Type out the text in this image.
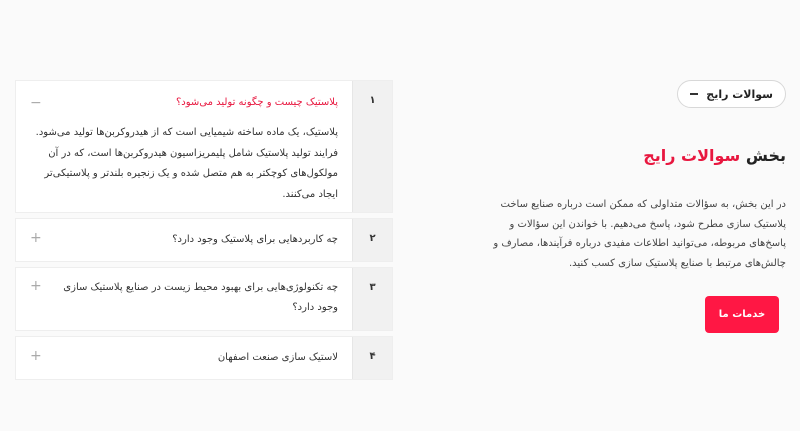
سوالات رایج
بخش سوالات رایج

در این بخش، به سؤالات متداولی که ممکن است درباره صنایع ساخت پلاستیک سازی مطرح شود، پاسخ می‌دهیم. با خواندن این سؤالات و پاسخ‌های مربوطه، می‌توانید اطلاعات مفیدی درباره فرآیندها، مصارف و چالش‌های مرتبط با صنایع پلاستیک سازی کسب کنید.

خدمات ما
۱
پلاستیک چیست و چگونه تولید می‌شود؟
−

پلاستیک، یک ماده ساخته شیمیایی است که از هیدروکربن‌ها تولید می‌شود. فرایند تولید پلاستیک شامل پلیمریزاسیون هیدروکربن‌ها است، که در آن مولکول‌های کوچکتر به هم متصل شده و یک زنجیره بلندتر و پلاستیکی‌تر ایجاد می‌کنند.

۲
چه کاربردهایی برای پلاستیک وجود دارد؟
+
۳
چه تکنولوژی‌هایی برای بهبود محیط زیست در صنایع پلاستیک سازی وجود دارد؟
+
۴
لاستیک سازی صنعت اصفهان
+
